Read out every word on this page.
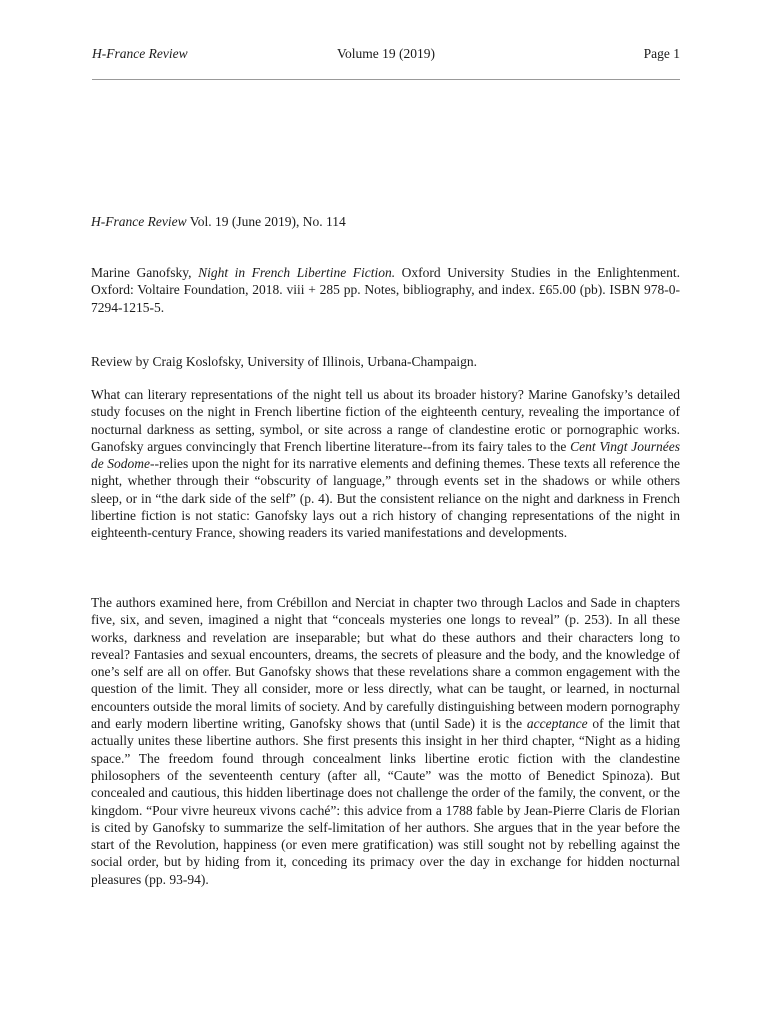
H-France Review	Volume 19 (2019)	Page 1

H-France Review Vol. 19 (June 2019), No. 114

Marine Ganofsky, Night in French Libertine Fiction. Oxford University Studies in the Enlightenment. Oxford: Voltaire Foundation, 2018. viii + 285 pp. Notes, bibliography, and index. £65.00 (pb). ISBN 978-0-7294-1215-5.

Review by Craig Koslofsky, University of Illinois, Urbana-Champaign.

What can literary representations of the night tell us about its broader history? Marine Ganofsky’s detailed study focuses on the night in French libertine fiction of the eighteenth century, revealing the importance of nocturnal darkness as setting, symbol, or site across a range of clandestine erotic or pornographic works. Ganofsky argues convincingly that French libertine literature--from its fairy tales to the Cent Vingt Journées de Sodome--relies upon the night for its narrative elements and defining themes. These texts all reference the night, whether through their “obscurity of language,” through events set in the shadows or while others sleep, or in “the dark side of the self” (p. 4). But the consistent reliance on the night and darkness in French libertine fiction is not static: Ganofsky lays out a rich history of changing representations of the night in eighteenth-century France, showing readers its varied manifestations and developments.

The authors examined here, from Crébillon and Nerciat in chapter two through Laclos and Sade in chapters five, six, and seven, imagined a night that “conceals mysteries one longs to reveal” (p. 253). In all these works, darkness and revelation are inseparable; but what do these authors and their characters long to reveal? Fantasies and sexual encounters, dreams, the secrets of pleasure and the body, and the knowledge of one’s self are all on offer. But Ganofsky shows that these revelations share a common engagement with the question of the limit. They all consider, more or less directly, what can be taught, or learned, in nocturnal encounters outside the moral limits of society. And by carefully distinguishing between modern pornography and early modern libertine writing, Ganofsky shows that (until Sade) it is the acceptance of the limit that actually unites these libertine authors. She first presents this insight in her third chapter, “Night as a hiding space.” The freedom found through concealment links libertine erotic fiction with the clandestine philosophers of the seventeenth century (after all, “Caute” was the motto of Benedict Spinoza). But concealed and cautious, this hidden libertinage does not challenge the order of the family, the convent, or the kingdom. “Pour vivre heureux vivons caché”: this advice from a 1788 fable by Jean-Pierre Claris de Florian is cited by Ganofsky to summarize the self-limitation of her authors. She argues that in the year before the start of the Revolution, happiness (or even mere gratification) was still sought not by rebelling against the social order, but by hiding from it, conceding its primacy over the day in exchange for hidden nocturnal pleasures (pp. 93-94).
